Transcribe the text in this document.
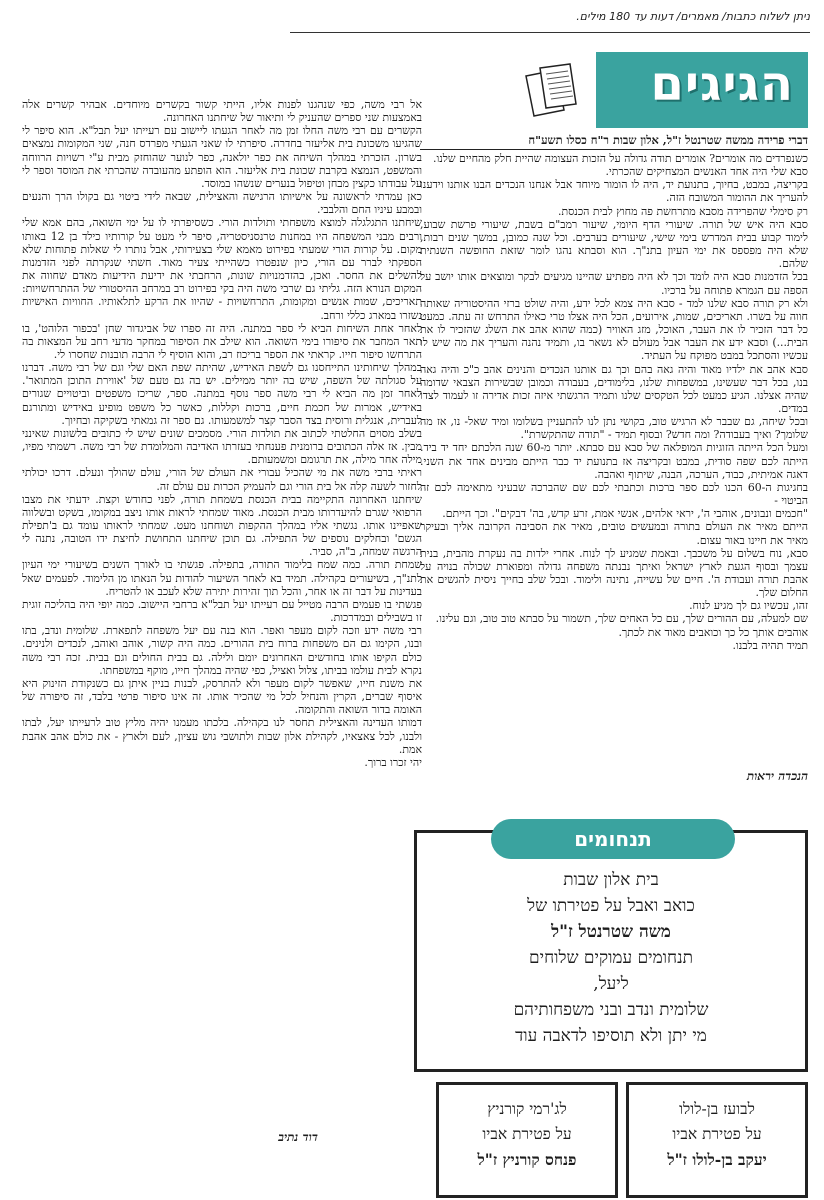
ניתן לשלוח כתבות/ מאמרים/ דעות עד 180 מילים.
הגיגים
דברי פרידה ממשה שטרנטל ז"ל, אלון שבות ר"ח כסלו תשע"ח

כשנפרדים מה אומרים? אומרים תודה גדולה על הזכות העצומה שהיית חלק מהחיים שלנו.

סבא שלי היה אחד האנשים המצחיקים שהכרתי.

בקריצה, במבט, בחיוך, בתנועת יד, היה לו הומור מיוחד אבל אנחנו הנכדים הבנו אותנו וידענו להעריך את ההומור המשובח הזה.

רק סימלי שהפרידה מסבא מתרחשת פה מחוץ לבית הכנסת.

סבא היה איש של תורה. שיעורי הדף היומי, שיעור רמב"ם בשבת, שיעורי פרשת שבוע, לימוד קבוע בבית המדרש בימי שישי, שיעורים בערבים. וכל שנה כמובן, במשך שנים רבות, שלא היה מפספס את ימי העיון בתנ"ך. הוא וסבתא נהגו לומר שזאת החופשה השנתית שלהם.

בכל הזדמנות סבא היה לומד וכך לא היה מפתיע שהיינו מגיעים לבקר ומוצאים אותו יושב על הספה עם הגמרא פתוחה על ברכיו.

ולא רק תורה סבא שלנו למד - סבא היה צמא לכל ידע, והיה שולט ברזי ההיסטוריה שאותה חווה על בשרו. תאריכים, שמות, אירועים, הכל היה אצלו טרי כאילו התרחש זה עתה. כמעט כל דבר הזכיר לו את העבר, האוכל, מזג האוויר (כמה שהוא אהב את השלג שהזכיר לו את הבית...) וסבא ידע את העבר אבל מעולם לא נשאר בו, ותמיד נהנה והעריך את מה שיש לו עכשיו והסתכל במבט מפוקח על העתיד.

סבא אהב את ילדיו מאוד והיה גאה בהם וכך גם אותנו הנכדים והנינים אהב כ"כ והיה גאה בנו, בכל דבר שעשינו, במשפחות שלנו, בלימודים, בעבודה וכמובן שבשירות הצבאי שדומה שהיה אצלנו. הגיע כמעט לכל הטקסים שלנו ותמיד הרגשתי איזה זכות אדירה זו לעמוד לצדו במדים.

ובכל שיחה, גם שבבר לא הרגיש טוב, בקושי נתן לנו להתעניין בשלומו ומיד שאל- נו, אז מה שלומך? ואיך בעבודה? ומה חדש? ובסוף תמיד - "תודה שהתקשרת".

ומעל הכל הייתה הזוגיות המופלאה של סבא עם סבתא. יותר מ-60 שנה הלכתם יחד יד ביד. הייתה לכם שפה סודית, במבט ובקריצה אז בתנועת יד כבר הייתם מבינים אחד את השני. דאגה אמיתית, כבוד, הערכה, הבנה, שיתוף ואהבה.

בחגיגות ה-60 הכנו לכם ספר ברכות וכתבתי לכם שם שהברכה שבעיני מתאימה לכם זה הביטוי -

"חכמים ונבונים, אוהבי ה', יראי אלהים, אנשי אמת, זרע קדש, בה' דבקים". וכך הייתם.

הייתם מאיר את העולם בתורה ובמעשים טובים, מאיר את הסביבה הקרובה אליך ובעיקר מאיר את חיינו באור עצום.

סבא, נוח בשלום על משכבך. ובאמת שמגיע לך לנוח. אחרי ילדות בה נעקרת מהבית, בנית עצמך ובסוף הגעת לארץ ישראל ואיתך נבנתה משפחה גדולה ומפוארת שכולה בנויה על אהבת תורה ועבודת ה'. חיים של עשייה, נתינה ולימוד. ובכל שלב בחייך ניסית להגשים את החלום שלך.

זהו, עכשיו גם לך מגיע לנוח.

שם למעלה, עם ההורים שלך, עם כל האחים שלך, תשמור על סבתא טוב טוב, וגם עלינו.

אוהבים אותך כל כך וכואבים מאוד את לכתך.

תמיד תהיה בלבנו.

הנכדה יראות

אל רבי משה, כפי שנהגנו לפנות אליו, הייתי קשור בקשרים מיוחדים. אבהיר קשרים אלה באמצעות שני ספרים שהעניק לי ותיאור של שיחתנו האחרונה.

הקשרים עם רבי משה החלו זמן מה לאחר הגעתו ליישוב עם רעייתו יעל תבל"א. הוא סיפר לי שהגיעו משכונת בית אליעזר בחדרה. סיפרתי לו שאני הגעתי מפרדס חנה, שני המקומות נמצאים בשרון. הזכרתי במהלך השיחה את כפר יולאנה, כפר לנוער שהוחזק מבית ע"י רשויות הרווחה והמשפט, הנמצא בקרבת שכונת בית אליעזר. הוא הופתע מהעובדה שהכרתי את המוסד וספר לי על עבודתו כקצין מבחן וטיפול בנערים שנשהו במוסד.

כאן עמדתי לראשונה על אישיותו הרגישה והאצילית, שבאה לידי ביטוי גם בקולו הרך והנעים ובמבע עיניו החם והלבבי.

שיחתנו התגלגלה למוצא משפחתי ותולדות הורי. כשסיפרתי לו על ימי השואה, בהם אמא שלי ורבים מבני המשפחה היו במחנות טרנסניסטריה, סיפר לי מעט על קורותיו כילד בן 12 באותו מקום. על קורות הורי שמעתי בפירוט מאמא שלי בצעירותי, אבל נותרו לי שאלות פתוחות שלא הספקתי לברר עם הורי, כיון שנפטרו כשהייתי צעיר מאוד. חשתי שנקרתה לפני הזדמנות להשלים את החסר. ואכן, בהזדמנויות שונות, הרחבתי את ידיעת הידיעות מאדם שחווה את המקום הנורא הזה. גליתי גם שרבי משה היה בקי בפירוט רב במרחב ההיסטורי של ההתרחשויות: תאריכים, שמות אנשים ומקומות, התרחשויות - שהיוו את הרקע לתלאותיו. החוויות האישיות נשזרו במארג כללי ורחב.

לאחר אחת השיחות הביא לי ספר במתנה. היה זה ספרו של אביגדור שחן 'בכפור הלוהט', בו תאר המחבר את סיפורו בימי השואה. הוא שילב את הסיפור במחקר מדעי רחב על המצאות בה התרחשו סיפור חייו. קראתי את הספר בריכוז רב, והוא הוסיף לי הרבה תובנות שחסרו לי.

במהלך שיחותינו התייחסנו גם לשפת האידיש, שהיתה שפת האם שלי וגם של רבי משה. דברנו על סגולתה של השפה, שיש בה יותר ממילים. יש בה גם טעם של 'אווירת התוכן המתואר'. לאחר זמן מה הביא לי רבי משה ספר נוסף במתנה. ספר, שריכז משפטים וביטויים שגורים באידיש, אמרות של חכמת חיים, ברכות וקללות, כאשר כל משפט מופיע באידיש ומתורגם לעברית, אנגלית ורוסית בצד הסבר קצר למשמעותו. גם ספר זה גמאתי בשקיקה ובחיוך.

בשלב מסוים החלטתי לכתוב את תולדות הורי. מסמכים שונים שיש לי כתובים בלשונות שאינני מבין. אז אלה הכתובים ברומנית פענחתי בעזרתו האדיבה והמלומדת של רבי משה. רשמתי מפיו, מילה אחר מילה, את תרגומם ומשמעותם.

ראיתי ברבי משה את מי שהכיל עבורי את העולם של הורי, עולם שהולך ונעלם. דרכו יכולתי לחזור לשעה קלה אל בית הורי וגם להעמיק הכרות עם עולם זה.

שיחתנו האחרונה התקיימה בבית הכנסת בשמחת תורה, לפני כחודש וקצת. ידעתי את מצבו הרפואי שגרם להיעדרותו מבית הכנסת. מאוד שמחתי לראות אותו ניצב במקומו, בשקט ובשלווה שאפיינו אותו. נגשתי אליו במהלך ההקפות ושוחחנו מעט. שמחתי לראותו עומד גם ב'תפילת הגשם' ובחלקים נוספים של התפילה. גם תוכן שיחתנו התחושת לחיצת ידו הטובה, נתנה לי הרגשה שמחה, ב"ה, סביר.

שמחת תורה. כמה שמח בלימוד התורה, בתפילה. פגשתי בו לאורך השנים בשיעורי ימי העיון לתנ"ך, בשיעורים בקהילה. תמיד בא לאחר השיעור להודות על הנאתו מן הלימוד. לפעמים שאל בעדינות על דבר זה או אחר, והכל תוך זהירות יתירה שלא לעכב או להטריח.

פגשתי בו פעמים הרבה מטייל עם רעייתו יעל תבל"א ברחבי היישוב. כמה יופי היה בהליכה זוגית זו בשבילים ובמדרכות.

רבי משה ידע וזכה לקום מעפר ואפר. הוא בנה עם יעל משפחה לתפארת. שלומית ונדב, בתו ובנו, הקימו גם הם משפחות ברוח בית ההורים. כמה היה קשור, אוהב ואוהב, לנכדים ולנינים. כולם הקיפו אותו בחודשים האחרונים יומם ולילה. גם בבית החולים וגם בבית. זכה רבי משה נקרא לבית עולמו בביתו, צלול ואציל, כפי שהיה במהלך חייו, מוקף במשפחתו.

את משנת חייו, שאפשר לקום מעפר ולא להתרסק, לבנות בניין איתן גם כשנקודת הזינוק היא איסוף שברים, הקרין והנחיל לכל מי שהכיר אותו. זה אינו סיפור פרטי בלבד, זה סיפורה של האומה בדור השואה והתקומה.

דמותו העדינה והאצילית תחסר לנו בקהילה. בלכתו מעמנו יהיה מליץ טוב לרעייתו יעל, לבתו ולבנו, לכל צאצאיו, לקהילת אלון שבות ולתושבי גוש עציון, לעם ולארץ - את כולם אהב אהבת אמת.

יהי זכרו ברוך.

דוד נתיב
תנחומים
בית אלון שבות
כואב ואבל על פטירתו של
משה שטרנטל ז"ל
תנחומים עמוקים שלוחים
ליעל,
שלומית ונדב ובני משפחותיהם
מי יתן ולא תוסיפו לדאבה עוד
לבועז בן-לולו
על פטירת אביו
יעקב בן-לולו ז"ל
לג'רמי קורניץ
על פטירת אביו
פנחס קורניץ ז"ל
